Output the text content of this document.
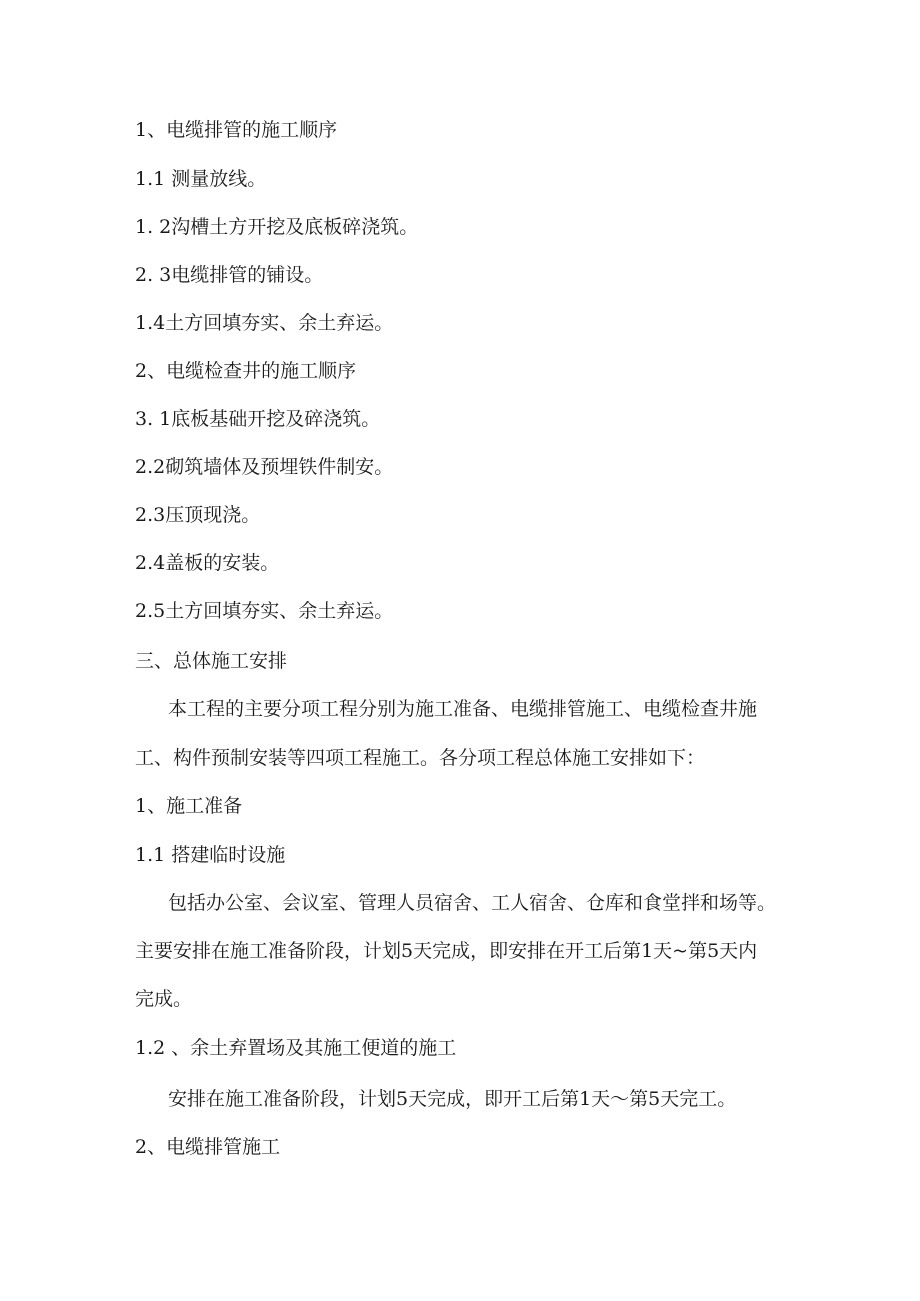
1、电缆排管的施工顺序
1.1 测量放线。
1. 2沟槽土方开挖及底板碎浇筑。
2. 3电缆排管的铺设。
1.4土方回填夯实、余土弃运。
2、电缆检查井的施工顺序
3. 1底板基础开挖及碎浇筑。
2.2砌筑墙体及预埋铁件制安。
2.3压顶现浇。
2.4盖板的安装。
2.5土方回填夯实、余土弃运。
三、总体施工安排
本工程的主要分项工程分别为施工准备、电缆排管施工、电缆检查井施
工、构件预制安装等四项工程施工。各分项工程总体施工安排如下：
1、施工准备
1.1 搭建临时设施
包括办公室、会议室、管理人员宿舍、工人宿舍、仓库和食堂拌和场等。
主要安排在施工准备阶段，计划5天完成，即安排在开工后第1天~第5天内
完成。
1.2 、余土弃置场及其施工便道的施工
安排在施工准备阶段，计划5天完成，即开工后第1天～第5天完工。
2、电缆排管施工
